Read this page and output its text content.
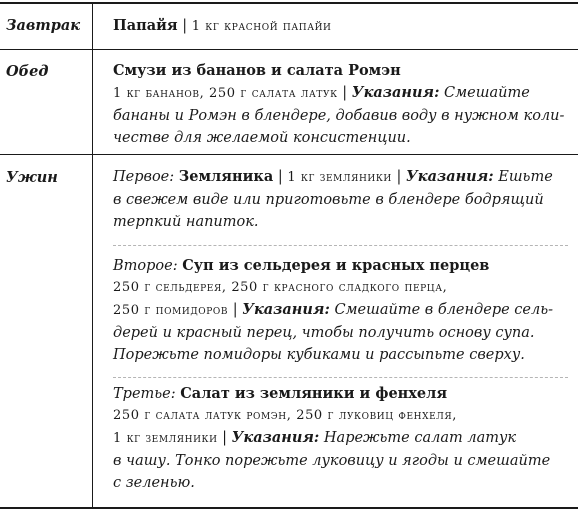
Завтрак Папайя | 1 кг красной папайи
Обед	Смузи из бананов и салата Ромэн
1 кг бананов, 250 г салата латук | Указания: Смешайте
бананы и Ромэн в блендере, добавив воду в нужном коли-
честве для желаемой консистенции.
Ужин	Первое: Земляника | 1 кг земляники | Указания: Ешьте
в свежем виде или приготовьте в блендере бодрящий
терпкий напиток.
Второе: Суп из сельдерея и красных перцев
250 г сельдерея, 250 г красного сладкого перца,
250 г помидоров | Указания: Смешайте в блендере сель-
дерей и красный перец, чтобы получить основу супа.
Порежьте помидоры кубиками и рассыпьте сверху.
Третье: Салат из земляники и фенхеля
250 г салата латук ромэн, 250 г луковиц фенхеля,
1 кг земляники | Указания: Нарежьте салат латук
в чашу. Тонко порежьте луковицу и ягоды и смешайте
с зеленью.
